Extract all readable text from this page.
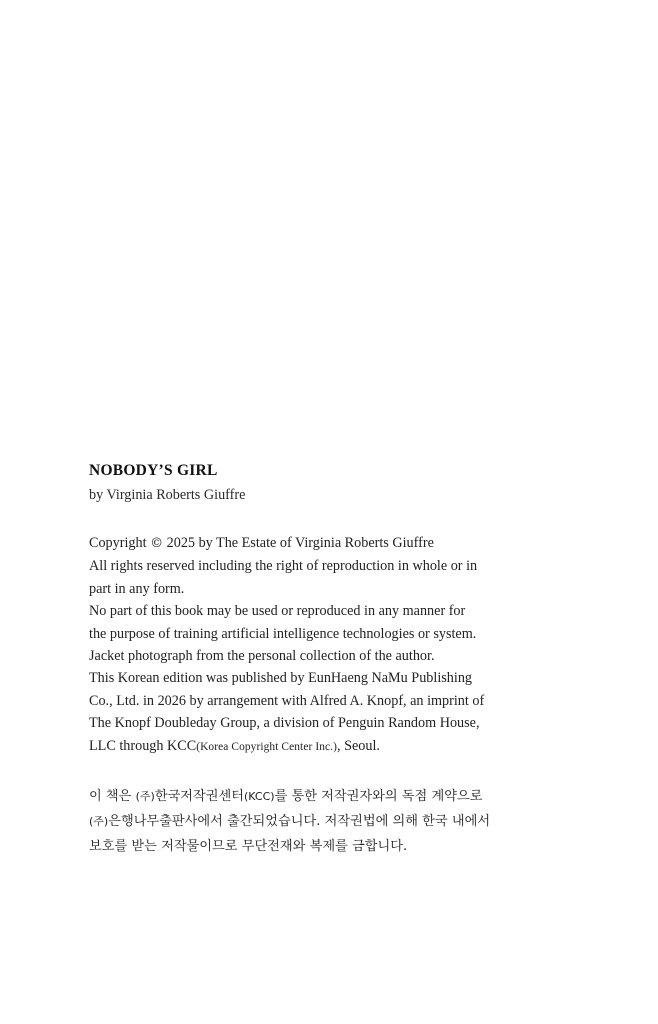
NOBODY’S GIRL
by Virginia Roberts Giuffre
Copyright © 2025 by The Estate of Virginia Roberts Giuffre
All rights reserved including the right of reproduction in whole or in
part in any form.
No part of this book may be used or reproduced in any manner for
the purpose of training artificial intelligence technologies or system.
Jacket photograph from the personal collection of the author.
This Korean edition was published by EunHaeng NaMu Publishing
Co., Ltd. in 2026 by arrangement with Alfred A. Knopf, an imprint of
The Knopf Doubleday Group, a division of Penguin Random House,
LLC through KCC(Korea Copyright Center Inc.), Seoul.
이 책은 (주)한국저작권센터(KCC)를 통한 저작권자와의 독점 계약으로
(주)은행나무출판사에서 출간되었습니다. 저작권법에 의해 한국 내에서
보호를 받는 저작물이므로 무단전재와 복제를 금합니다.
